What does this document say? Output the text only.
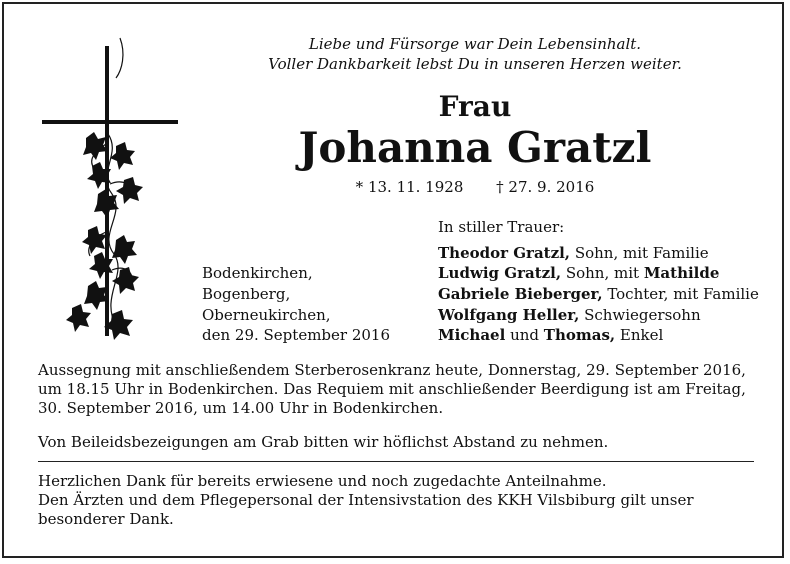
Liebe und Fürsorge war Dein Lebensinhalt.
Voller Dankbarkeit lebst Du in unseren Herzen weiter.
Frau
Johanna Gratzl
* 13. 11. 1928 † 27. 9. 2016
In stiller Trauer:
Bodenkirchen,
Bogenberg,
Oberneukirchen,
den 29. September 2016
Theodor Gratzl, Sohn, mit Familie
Ludwig Gratzl, Sohn, mit Mathilde
Gabriele Bieberger, Tochter, mit Familie
Wolfgang Heller, Schwiegersohn
Michael und Thomas, Enkel
Aussegnung mit anschließendem Sterberosenkranz heute, Donnerstag, 29. September 2016,
um 18.15 Uhr in Bodenkirchen. Das Requiem mit anschließender Beerdigung ist am Freitag,
30. September 2016, um 14.00 Uhr in Bodenkirchen.
Von Beileidsbezeigungen am Grab bitten wir höflichst Abstand zu nehmen.
Herzlichen Dank für bereits erwiesene und noch zugedachte Anteilnahme.
Den Ärzten und dem Pflegepersonal der Intensivstation des KKH Vilsbiburg gilt unser
besonderer Dank.
